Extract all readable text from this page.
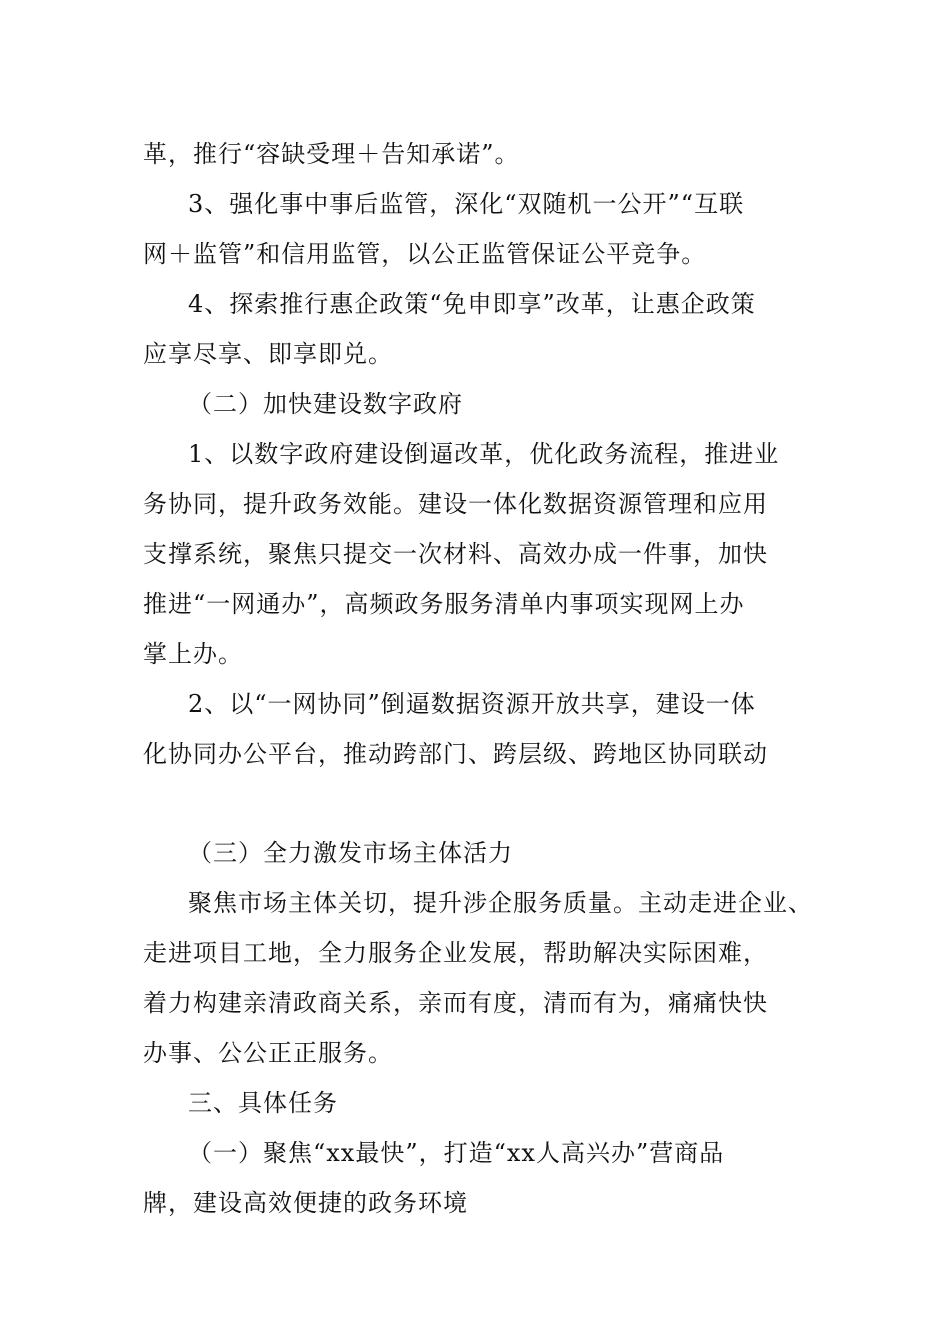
革，推行“容缺受理＋告知承诺”。
3、强化事中事后监管，深化“双随机一公开”“互联
网＋监管”和信用监管，以公正监管保证公平竞争。
4、探索推行惠企政策“免申即享”改革，让惠企政策
应享尽享、即享即兑。
（二）加快建设数字政府
1、以数字政府建设倒逼改革，优化政务流程，推进业
务协同，提升政务效能。建设一体化数据资源管理和应用
支撑系统，聚焦只提交一次材料、高效办成一件事，加快
推进“一网通办”，高频政务服务清单内事项实现网上办
掌上办。
2、以“一网协同”倒逼数据资源开放共享，建设一体
化协同办公平台，推动跨部门、跨层级、跨地区协同联动
（三）全力激发市场主体活力
聚焦市场主体关切，提升涉企服务质量。主动走进企业、
走进项目工地，全力服务企业发展，帮助解决实际困难，
着力构建亲清政商关系，亲而有度，清而有为，痛痛快快
办事、公公正正服务。
三、具体任务
（一）聚焦“xx最快”，打造“xx人高兴办”营商品
牌，建设高效便捷的政务环境
